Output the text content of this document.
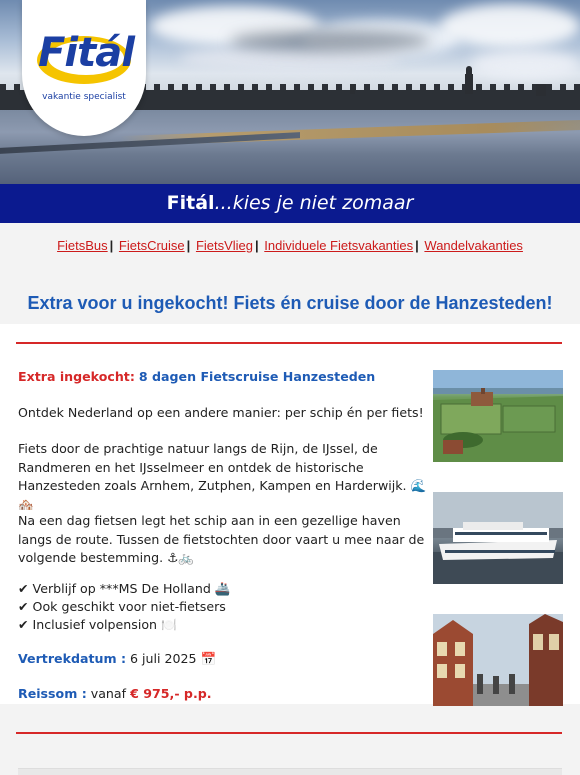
Fitál
vakantie specialist
Fitál...kies je niet zomaar
FietsBus | FietsCruise | FietsVlieg | Individuele Fietsvakanties | Wandelvakanties
Extra voor u ingekocht! Fiets én cruise door de Hanzesteden!
Extra ingekocht: 8 dagen Fietscruise Hanzesteden
Ontdek Nederland op een andere manier: per schip én per fiets!
Fiets door de prachtige natuur langs de Rijn, de IJssel, de Randmeren en het IJsselmeer en ontdek de historische Hanzesteden zoals Arnhem, Zutphen, Kampen en Harderwijk. 🌊🏘️
Na een dag fietsen legt het schip aan in een gezellige haven langs de route. Tussen de fietstochten door vaart u mee naar de volgende bestemming. ⚓🚲
✔ Verblijf op ***MS De Holland 🚢
✔ Ook geschikt voor niet-fietsers
✔ Inclusief volpension 🍽️
Vertrekdatum : 6 juli 2025 📅
Reissom : vanaf € 975,- p.p.
